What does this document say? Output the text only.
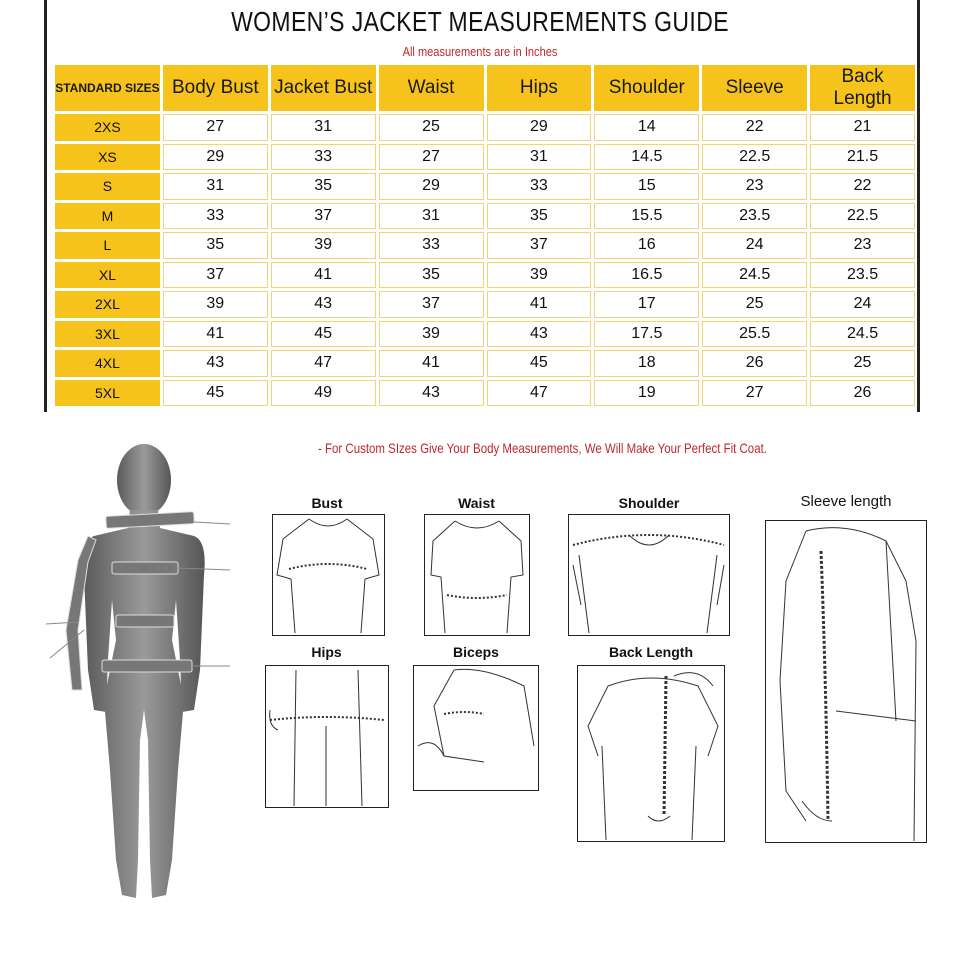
WOMEN’S JACKET MEASUREMENTS GUIDE
All measurements are in Inches
STANDARD SIZES	Body Bust	Jacket Bust	Waist	Hips	Shoulder	Sleeve	Back Length
2XS	27	31	25	29	14	22	21
XS	29	33	27	31	14.5	22.5	21.5
S	31	35	29	33	15	23	22
M	33	37	31	35	15.5	23.5	22.5
L	35	39	33	37	16	24	23
XL	37	41	35	39	16.5	24.5	23.5
2XL	39	43	37	41	17	25	24
3XL	41	45	39	43	17.5	25.5	24.5
4XL	43	47	41	45	18	26	25
5XL	45	49	43	47	19	27	26
- For Custom SIzes Give Your Body Measurements, We Will Make Your Perfect Fit Coat.
Bust	Waist	Shoulder	Sleeve length
Hips	Biceps	Back Length
